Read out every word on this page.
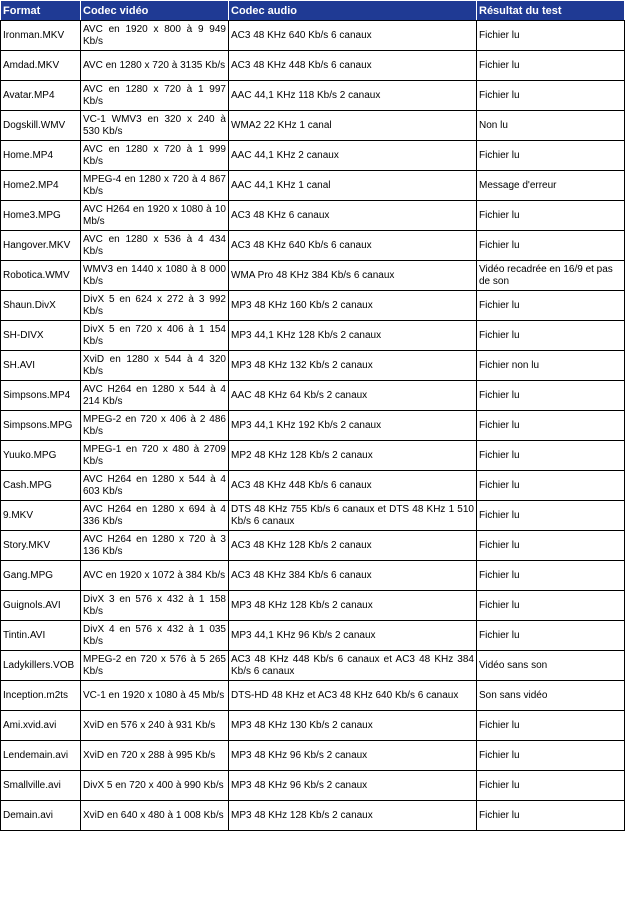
Format	Codec vidéo	Codec audio	Résultat du test
Ironman.MKV	AVC en 1920 x 800 à 9 949 Kb/s	AC3 48 KHz 640 Kb/s 6 canaux	Fichier lu
Amdad.MKV	AVC en 1280 x 720 à 3135 Kb/s	AC3 48 KHz 448 Kb/s 6 canaux	Fichier lu
Avatar.MP4	AVC en 1280 x 720 à 1 997 Kb/s	AAC 44,1 KHz 118 Kb/s 2 canaux	Fichier lu
Dogskill.WMV	VC-1 WMV3 en 320 x 240 à 530 Kb/s	WMA2 22 KHz 1 canal	Non lu
Home.MP4	AVC en 1280 x 720 à 1 999 Kb/s	AAC 44,1 KHz 2 canaux	Fichier lu
Home2.MP4	MPEG-4 en 1280 x 720 à 4 867 Kb/s	AAC 44,1 KHz 1 canal	Message d'erreur
Home3.MPG	AVC H264 en 1920 x 1080 à 10 Mb/s	AC3 48 KHz 6 canaux	Fichier lu
Hangover.MKV	AVC en 1280 x 536 à 4 434 Kb/s	AC3 48 KHz 640 Kb/s 6 canaux	Fichier lu
Robotica.WMV	WMV3 en 1440 x 1080 à 8 000 Kb/s	WMA Pro 48 KHz 384 Kb/s 6 canaux	Vidéo recadrée en 16/9 et pas de son
Shaun.DivX	DivX 5 en 624 x 272 à 3 992 Kb/s	MP3 48 KHz 160 Kb/s 2 canaux	Fichier lu
SH-DIVX	DivX 5 en 720 x 406 à 1 154 Kb/s	MP3 44,1 KHz 128 Kb/s 2 canaux	Fichier lu
SH.AVI	XviD en 1280 x 544 à 4 320 Kb/s	MP3 48 KHz 132 Kb/s 2 canaux	Fichier non lu
Simpsons.MP4	AVC H264 en 1280 x 544 à 4 214 Kb/s	AAC 48 KHz 64 Kb/s 2 canaux	Fichier lu
Simpsons.MPG	MPEG-2 en 720 x 406 à 2 486 Kb/s	MP3 44,1 KHz 192 Kb/s 2 canaux	Fichier lu
Yuuko.MPG	MPEG-1 en 720 x 480 à 2709 Kb/s	MP2 48 KHz 128 Kb/s 2 canaux	Fichier lu
Cash.MPG	AVC H264 en 1280 x 544 à 4 603 Kb/s	AC3 48 KHz 448 Kb/s 6 canaux	Fichier lu
9.MKV	AVC H264 en 1280 x 694 à 4 336 Kb/s	DTS 48 KHz 755 Kb/s 6 canaux et DTS 48 KHz 1 510 Kb/s 6 canaux	Fichier lu
Story.MKV	AVC H264 en 1280 x 720 à 3 136 Kb/s	AC3 48 KHz 128 Kb/s 2 canaux	Fichier lu
Gang.MPG	AVC en 1920 x 1072 à 384 Kb/s	AC3 48 KHz 384 Kb/s 6 canaux	Fichier lu
Guignols.AVI	DivX 3 en 576 x 432 à 1 158 Kb/s	MP3 48 KHz 128 Kb/s 2 canaux	Fichier lu
Tintin.AVI	DivX 4 en 576 x 432 à 1 035 Kb/s	MP3 44,1 KHz 96 Kb/s 2 canaux	Fichier lu
Ladykillers.VOB	MPEG-2 en 720 x 576 à 5 265 Kb/s	AC3 48 KHz 448 Kb/s 6 canaux et AC3 48 KHz 384 Kb/s 6 canaux	Vidéo sans son
Inception.m2ts	VC-1 en 1920 x 1080 à 45 Mb/s	DTS-HD 48 KHz et AC3 48 KHz 640 Kb/s 6 canaux	Son sans vidéo
Ami.xvid.avi	XviD en 576 x 240 à 931 Kb/s	MP3 48 KHz 130 Kb/s 2 canaux	Fichier lu
Lendemain.avi	XviD en 720 x 288 à 995 Kb/s	MP3 48 KHz 96 Kb/s 2 canaux	Fichier lu
Smallville.avi	DivX 5 en 720 x 400 à 990 Kb/s	MP3 48 KHz 96 Kb/s 2 canaux	Fichier lu
Demain.avi	XviD en 640 x 480 à 1 008 Kb/s	MP3 48 KHz 128 Kb/s 2 canaux	Fichier lu
